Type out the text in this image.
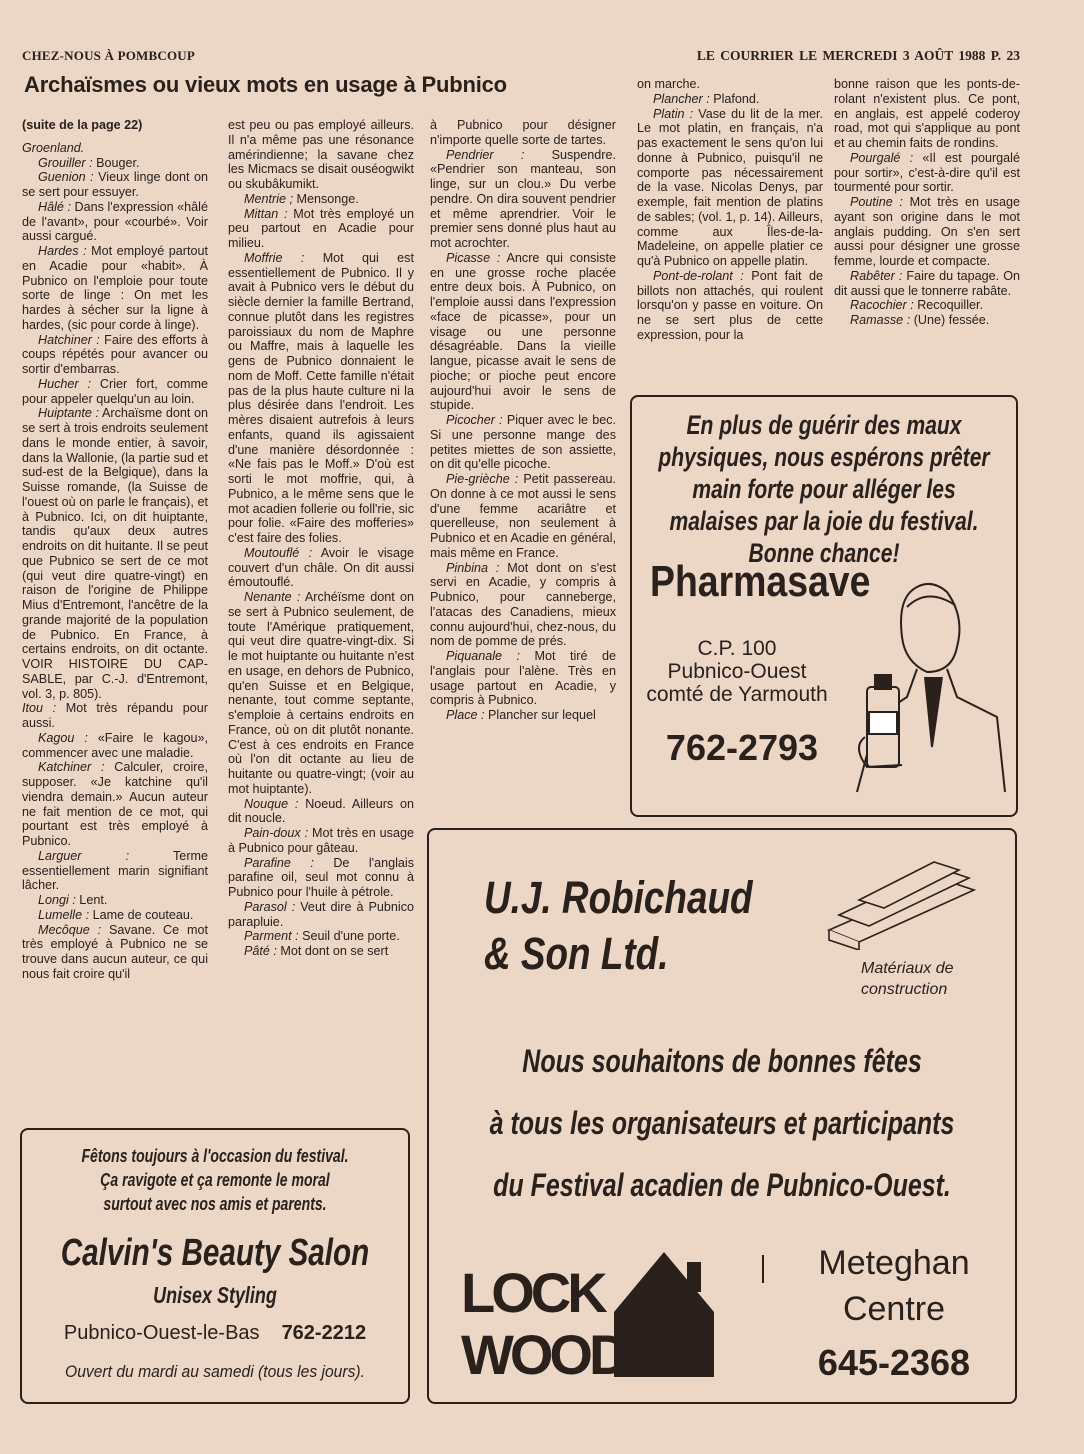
CHEZ-NOUS À POMBCOUP	LE COURRIER LE MERCREDI 3 AOÛT 1988 P. 23
Archaïsmes ou vieux mots en usage à Pubnico

(suite de la page 22)

Groenland.

Grouiller : Bouger.

Guenion : Vieux linge dont on se sert pour essuyer.

Hâlé : Dans l'expression «hâlé de l'avant», pour «courbé». Voir aussi cargué.

Hardes : Mot employé partout en Acadie pour «habit». À Pubnico on l'emploie pour toute sorte de linge : On met les hardes à sécher sur la ligne à hardes, (sic pour corde à linge).

Hatchiner : Faire des efforts à coups répétés pour avancer ou sortir d'embarras.

Hucher : Crier fort, comme pour appeler quelqu'un au loin.

Huiptante : Archaïsme dont on se sert à trois endroits seulement dans le monde entier, à savoir, dans la Wallonie, (la partie sud et sud-est de la Belgique), dans la Suisse romande, (la Suisse de l'ouest où on parle le français), et à Pubnico. Ici, on dit huiptante, tandis qu'aux deux autres endroits on dit huitante. Il se peut que Pubnico se sert de ce mot (qui veut dire quatre-vingt) en raison de l'origine de Philippe Mius d'Entremont, l'ancêtre de la grande majorité de la population de Pubnico. En France, à certains endroits, on dit octante. VOIR HISTOIRE DU CAP-SABLE, par C.-J. d'Entremont, vol. 3, p. 805).

Itou : Mot très répandu pour aussi.

Kagou : «Faire le kagou», commencer avec une maladie.

Katchiner : Calculer, croire, supposer. «Je katchine qu'il viendra demain.» Aucun auteur ne fait mention de ce mot, qui pourtant est très employé à Pubnico.

Larguer : Terme essentiellement marin signifiant lâcher.

Longi : Lent.

Lumelle : Lame de couteau.

Mecôque : Savane. Ce mot très employé à Pubnico ne se trouve dans aucun auteur, ce qui nous fait croire qu'il

est peu ou pas employé ailleurs. Il n'a même pas une résonance amérindienne; la savane chez les Micmacs se disait ouséogwikt ou skubâkumikt.

Mentrie ; Mensonge.

Mittan : Mot très employé un peu partout en Acadie pour milieu.

Moffrie : Mot qui est essentiellement de Pubnico. Il y avait à Pubnico vers le début du siècle dernier la famille Bertrand, connue plutôt dans les registres paroissiaux du nom de Maphre ou Maffre, mais à laquelle les gens de Pubnico donnaient le nom de Moff. Cette famille n'était pas de la plus haute culture ni la plus désirée dans l'endroit. Les mères disaient autrefois à leurs enfants, quand ils agissaient d'une manière désordonnée : «Ne fais pas le Moff.» D'où est sorti le mot moffrie, qui, à Pubnico, a le même sens que le mot acadien follerie ou foll'rie, sic pour folie. «Faire des mofferies» c'est faire des folies.

Moutouflé : Avoir le visage couvert d'un châle. On dit aussi émoutouflé.

Nenante : Archéïsme dont on se sert à Pubnico seulement, de toute l'Amérique pratiquement, qui veut dire quatre-vingt-dix. Si le mot huiptante ou huitante n'est en usage, en dehors de Pubnico, qu'en Suisse et en Belgique, nenante, tout comme septante, s'emploie à certains endroits en France, où on dit plutôt nonante. C'est à ces endroits en France où l'on dit octante au lieu de huitante ou quatre-vingt; (voir au mot huiptante).

Nouque : Noeud. Ailleurs on dit noucle.

Pain-doux : Mot très en usage à Pubnico pour gâteau.

Parafine : De l'anglais parafine oil, seul mot connu à Pubnico pour l'huile à pétrole.

Parasol : Veut dire à Pubnico parapluie.

Parment : Seuil d'une porte.

Pâté : Mot dont on se sert

à Pubnico pour désigner n'importe quelle sorte de tartes.

Pendrier : Suspendre. «Pendrier son manteau, son linge, sur un clou.» Du verbe pendre. On dira souvent pendrier et même aprendrier. Voir le premier sens donné plus haut au mot acrochter.

Picasse : Ancre qui consiste en une grosse roche placée entre deux bois. À Pubnico, on l'emploie aussi dans l'expression «face de picasse», pour un visage ou une personne désagréable. Dans la vieille langue, picasse avait le sens de pioche; or pioche peut encore aujourd'hui avoir le sens de stupide.

Picocher : Piquer avec le bec. Si une personne mange des petites miettes de son assiette, on dit qu'elle picoche.

Pie-grièche : Petit passereau. On donne à ce mot aussi le sens d'une femme acariâtre et querelleuse, non seulement à Pubnico et en Acadie en général, mais même en France.

Pinbina : Mot dont on s'est servi en Acadie, y compris à Pubnico, pour canneberge, l'atacas des Canadiens, mieux connu aujourd'hui, chez-nous, du nom de pomme de prés.

Piquanale : Mot tiré de l'anglais pour l'alène. Très en usage partout en Acadie, y compris à Pubnico.

Place : Plancher sur lequel

on marche.

Plancher : Plafond.

Platin : Vase du lit de la mer. Le mot platin, en français, n'a pas exactement le sens qu'on lui donne à Pubnico, puisqu'il ne comporte pas nécessairement de la vase. Nicolas Denys, par exemple, fait mention de platins de sables; (vol. 1, p. 14). Ailleurs, comme aux Îles-de-la-Madeleine, on appelle platier ce qu'à Pubnico on appelle platin.

Pont-de-rolant : Pont fait de billots non attachés, qui roulent lorsqu'on y passe en voiture. On ne se sert plus de cette expression, pour la

bonne raison que les ponts-de-rolant n'existent plus. Ce pont, en anglais, est appelé coderoy road, mot qui s'applique au pont et au chemin faits de rondins.

Pourgalé : «Il est pourgalé pour sortir», c'est-à-dire qu'il est tourmenté pour sortir.

Poutine : Mot très en usage ayant son origine dans le mot anglais pudding. On s'en sert aussi pour désigner une grosse femme, lourde et compacte.

Rabêter : Faire du tapage. On dit aussi que le tonnerre rabâte.

Racochier : Recoquiller.

Ramasse : (Une) fessée.

En plus de guérir des maux physiques, nous espérons prêter main forte pour alléger les malaises par la joie du festival. Bonne chance!
Pharmasave
C.P. 100
Pubnico-Ouest
comté de Yarmouth
762-2793
U.J. Robichaud
& Son Ltd.	Matériaux de
construction
Nous souhaitons de bonnes fêtes
à tous les organisateurs et participants
du Festival acadien de Pubnico-Ouest.
LOCK
WOOD
Meteghan
Centre
645-2368
Fêtons toujours à l'occasion du festival.
Ça ravigote et ça remonte le moral
surtout avec nos amis et parents.
Calvin's Beauty Salon
Unisex Styling
Pubnico-Ouest-le-Bas 762-2212
Ouvert du mardi au samedi (tous les jours).
